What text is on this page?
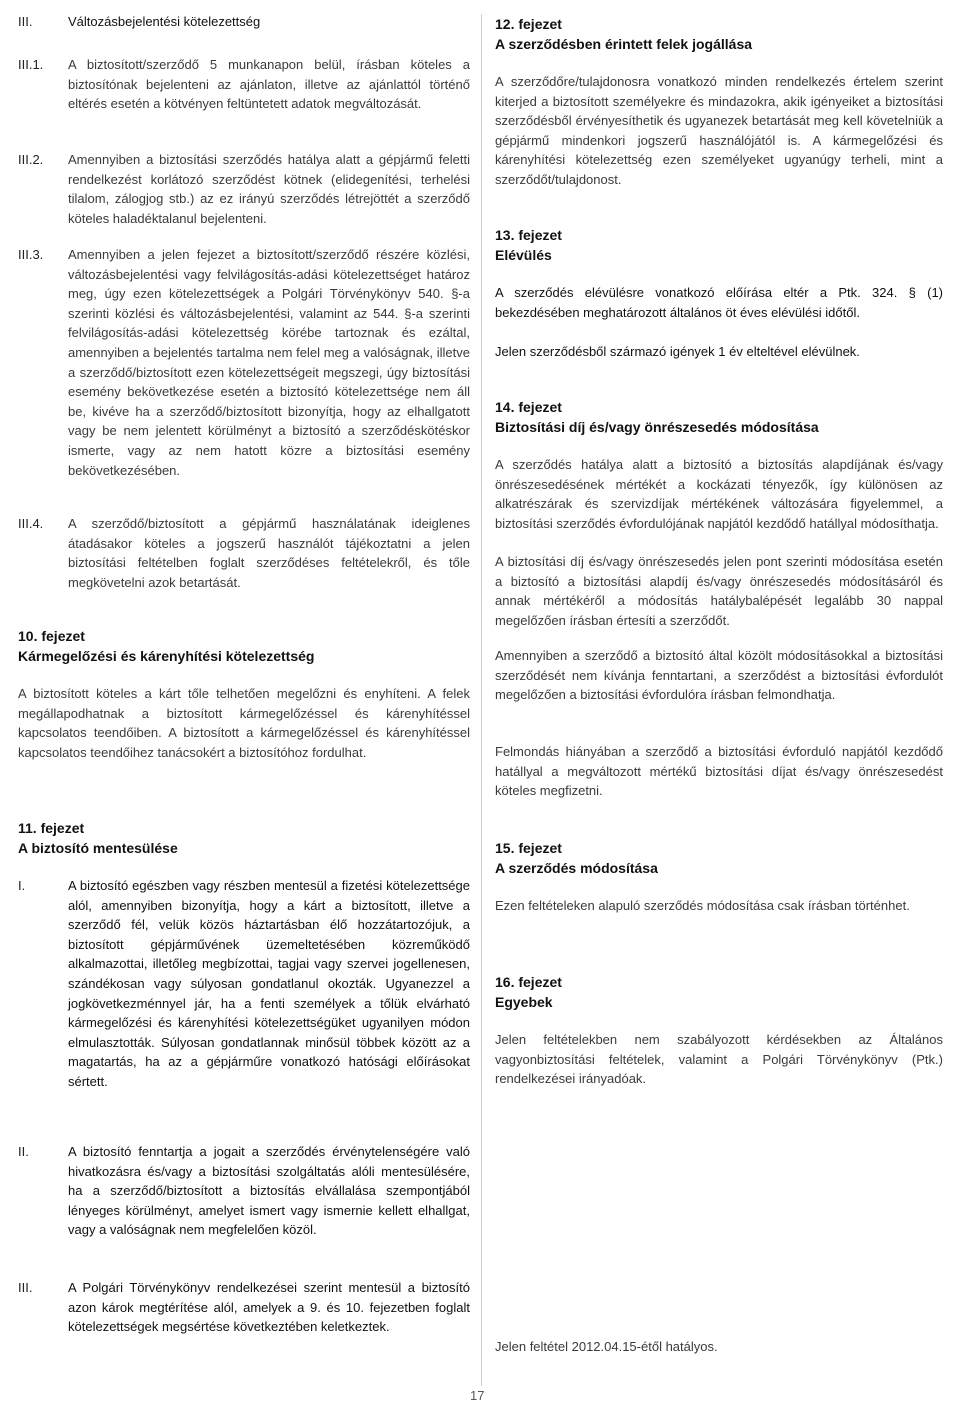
III.	Változásbejelentési kötelezettség
III.1. A biztosított/szerződő 5 munkanapon belül, írásban köteles a biztosítónak bejelenteni az ajánlaton, illetve az ajánlattól történő eltérés esetén a kötvényen feltüntetett adatok megváltozását.

III.2. Amennyiben a biztosítási szerződés hatálya alatt a gépjármű feletti rendelkezést korlátozó szerződést kötnek (elidegenítési, terhelési tilalom, zálogjog stb.) az ez irányú szerződés létrejöttét a szerződő köteles haladéktalanul bejelenteni.

III.3. Amennyiben a jelen fejezet a biztosított/szerződő részére közlési, változásbejelentési vagy felvilágosítás-adási kötelezettséget határoz meg, úgy ezen kötelezettségek a Polgári Törvénykönyv 540. §-a szerinti közlési és változásbejelentési, valamint az 544. §-a szerinti felvilágosítás-adási kötelezettség körébe tartoznak és ezáltal, amennyiben a bejelentés tartalma nem felel meg a valóságnak, illetve a szerződő/biztosított ezen kötelezettségeit megszegi, úgy biztosítási esemény bekövetkezése esetén a biztosító kötelezettsége nem áll be, kivéve ha a szerződő/biztosított bizonyítja, hogy az elhallgatott vagy be nem jelentett körülményt a biztosító a szerződéskötéskor ismerte, vagy az nem hatott közre a biztosítási esemény bekövetkezésében.

III.4. A szerződő/biztosított a gépjármű használatának ideiglenes átadásakor köteles a jogszerű használót tájékoztatni a jelen biztosítási feltételben foglalt szerződéses feltételekről, és tőle megkövetelni azok betartását.

10. fejezet

Kármegelőzési és kárenyhítési kötelezettség

A biztosított köteles a kárt tőle telhetően megelőzni és enyhíteni. A felek megállapodhatnak a biztosított kármegelőzéssel és kárenyhítéssel kapcsolatos teendőiben. A biztosított a kármegelőzéssel és kárenyhítéssel kapcsolatos teendőihez tanácsokért a biztosítóhoz fordulhat.

11. fejezet

A biztosító mentesülése

I.	A biztosító egészben vagy részben mentesül a fizetési kötelezettsége alól, amennyiben bizonyítja, hogy a kárt a biztosított, illetve a szerződő fél, velük közös háztartásban élő hozzátartozójuk, a biztosított gépjárművének üzemeltetésében közreműködő alkalmazottai, illetőleg megbízottai, tagjai vagy szervei jogellenesen, szándékosan vagy súlyosan gondatlanul okozták. Ugyanezzel a jogkövetkezménnyel jár, ha a fenti személyek a tőlük elvárható kármegelőzési és kárenyhítési kötelezettségüket ugyanilyen módon elmulasztották. Súlyosan gondatlannak minősül többek között az a magatartás, ha az a gépjárműre vonatkozó hatósági előírásokat sértett.

II.	A biztosító fenntartja a jogait a szerződés érvénytelenségére való hivatkozásra és/vagy a biztosítási szolgáltatás alóli mentesülésére, ha a szerződő/biztosított a biztosítás elvállalása szempontjából lényeges körülményt, amelyet ismert vagy ismernie kellett elhallgat, vagy a valóságnak nem megfelelően közöl.

III.	A Polgári Törvénykönyv rendelkezései szerint mentesül a biztosító azon károk megtérítése alól, amelyek a 9. és 10. fejezetben foglalt kötelezettségek megsértése következtében keletkeztek.

12. fejezet

A szerződésben érintett felek jogállása

A szerződőre/tulajdonosra vonatkozó minden rendelkezés értelem szerint kiterjed a biztosított személyekre és mindazokra, akik igényeiket a biztosítási szerződésből érvényesíthetik és ugyanezek betartását meg kell követelniük a gépjármű mindenkori jogszerű használójától is. A kármegelőzési és kárenyhítési kötelezettség ezen személyeket ugyanúgy terheli, mint a szerződőt/tulajdonost.

13. fejezet

Elévülés

A szerződés elévülésre vonatkozó előírása eltér a Ptk. 324. § (1) bekezdésében meghatározott általános öt éves elévülési időtől.

Jelen szerződésből származó igények 1 év elteltével elévülnek.

14. fejezet

Biztosítási díj és/vagy önrészesedés módosítása

A szerződés hatálya alatt a biztosító a biztosítás alapdíjának és/vagy önrészesedésének mértékét a kockázati tényezők, így különösen az alkatrészárak és szervizdíjak mértékének változására figyelemmel, a biztosítási szerződés évfordulójának napjától kezdődő hatállyal módosíthatja.

A biztosítási díj és/vagy önrészesedés jelen pont szerinti módosítása esetén a biztosító a biztosítási alapdíj és/vagy önrészesedés módosításáról és annak mértékéről a módosítás hatálybalépését legalább 30 nappal megelőzően írásban értesíti a szerződőt.

Amennyiben a szerződő a biztosító által közölt módosításokkal a biztosítási szerződését nem kívánja fenntartani, a szerződést a biztosítási évfordulót megelőzően a biztosítási évfordulóra írásban felmondhatja.

Felmondás hiányában a szerződő a biztosítási évforduló napjától kezdődő hatállyal a megváltozott mértékű biztosítási díjat és/vagy önrészesedést köteles megfizetni.

15. fejezet

A szerződés módosítása

Ezen feltételeken alapuló szerződés módosítása csak írásban történhet.

16. fejezet

Egyebek

Jelen feltételekben nem szabályozott kérdésekben az Általános vagyonbiztosítási feltételek, valamint a Polgári Törvénykönyv (Ptk.) rendelkezései irányadóak.

Jelen feltétel 2012.04.15-étől hatályos.

17
